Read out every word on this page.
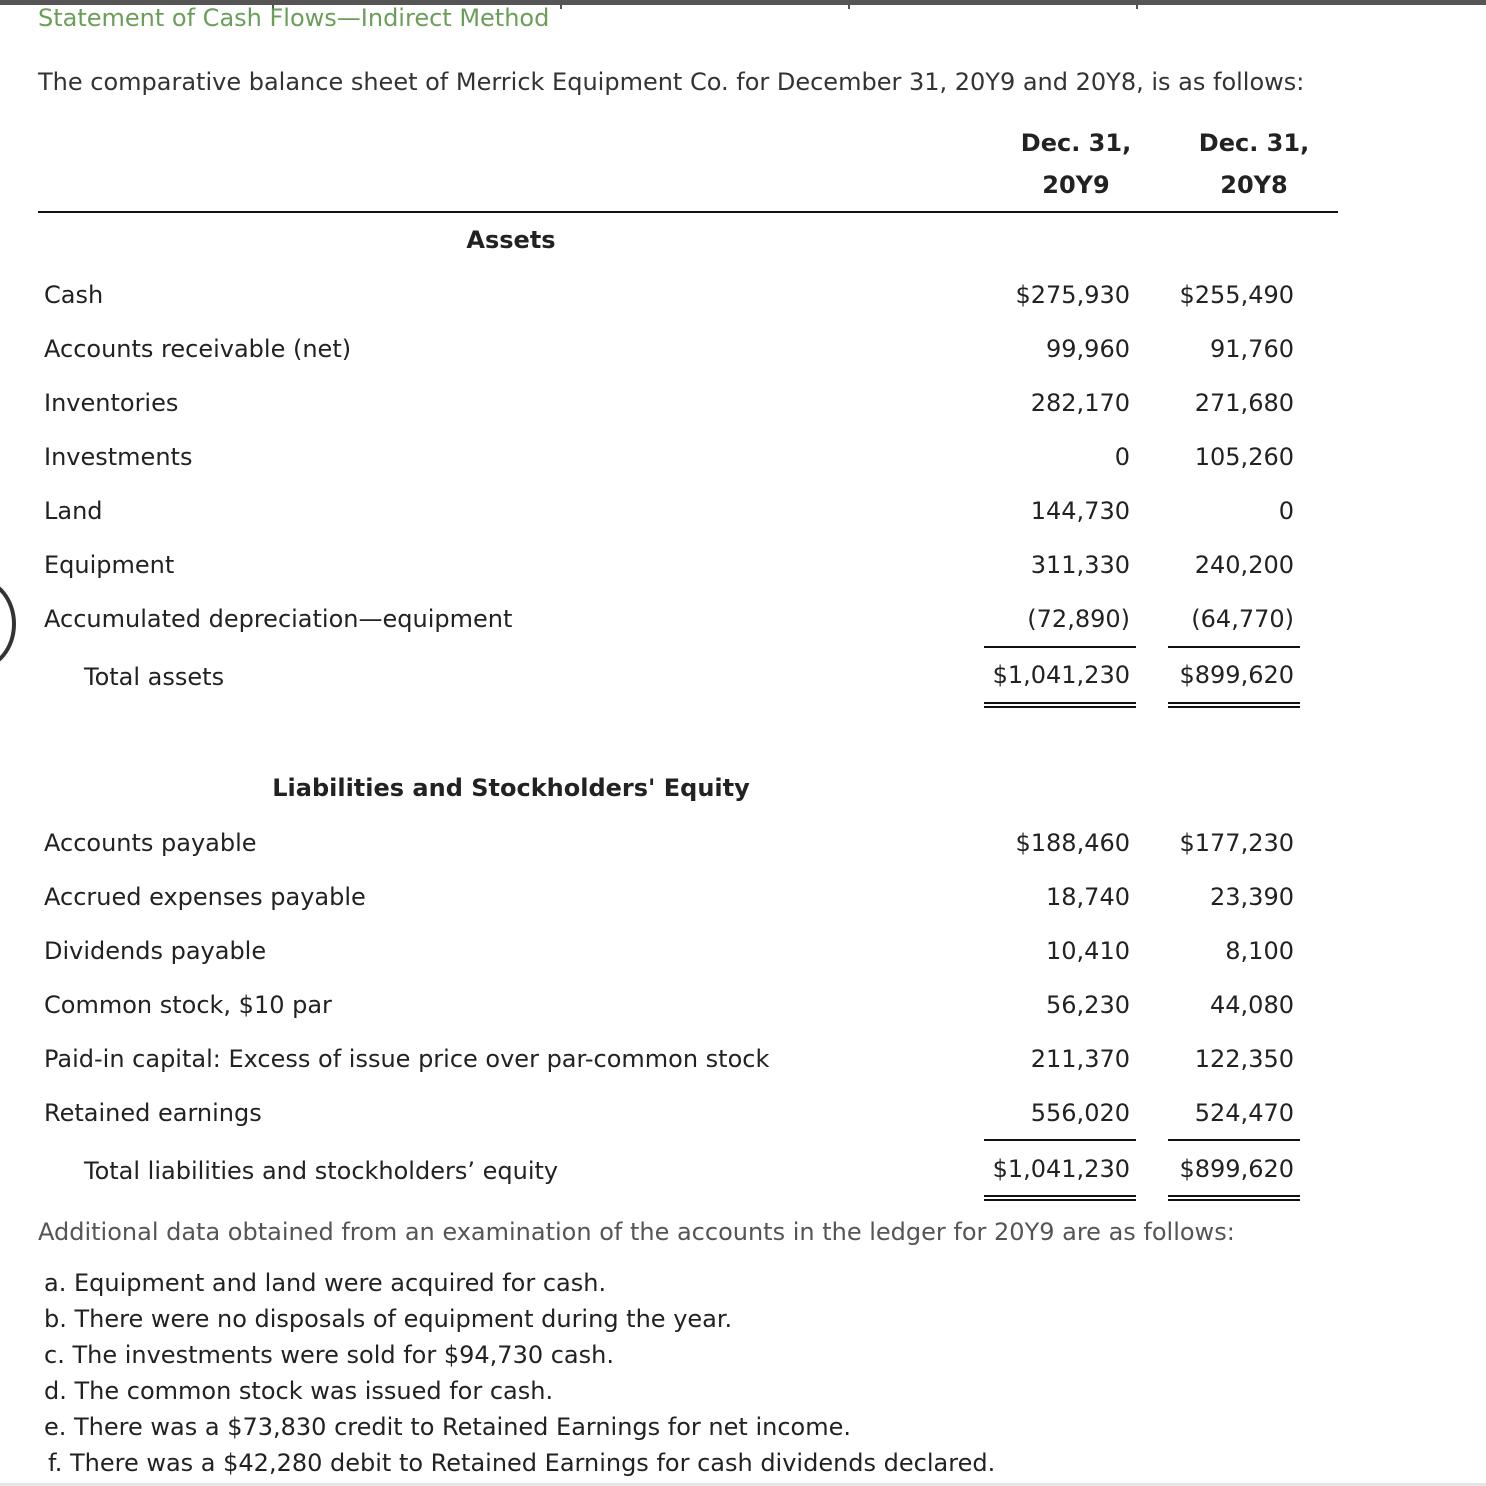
Statement of Cash Flows—Indirect Method
The comparative balance sheet of Merrick Equipment Co. for December 31, 20Y9 and 20Y8, is as follows:
Dec. 31,
20Y9
Dec. 31,
20Y8
Assets
Cash	$275,930	$255,490
Accounts receivable (net)	99,960	91,760
Inventories	282,170	271,680
Investments	0	105,260
Land	144,730	0
Equipment	311,330	240,200
Accumulated depreciation—equipment	(72,890)	(64,770)
Total assets	$1,041,230	$899,620
Liabilities and Stockholders' Equity
Accounts payable	$188,460	$177,230
Accrued expenses payable	18,740	23,390
Dividends payable	10,410	8,100
Common stock, $10 par	56,230	44,080
Paid-in capital: Excess of issue price over par-common stock	211,370	122,350
Retained earnings	556,020	524,470
Total liabilities and stockholders’ equity	$1,041,230	$899,620
Additional data obtained from an examination of the accounts in the ledger for 20Y9 are as follows:
a. Equipment and land were acquired for cash.
b. There were no disposals of equipment during the year.
c. The investments were sold for $94,730 cash.
d. The common stock was issued for cash.
e. There was a $73,830 credit to Retained Earnings for net income.
f. There was a $42,280 debit to Retained Earnings for cash dividends declared.
